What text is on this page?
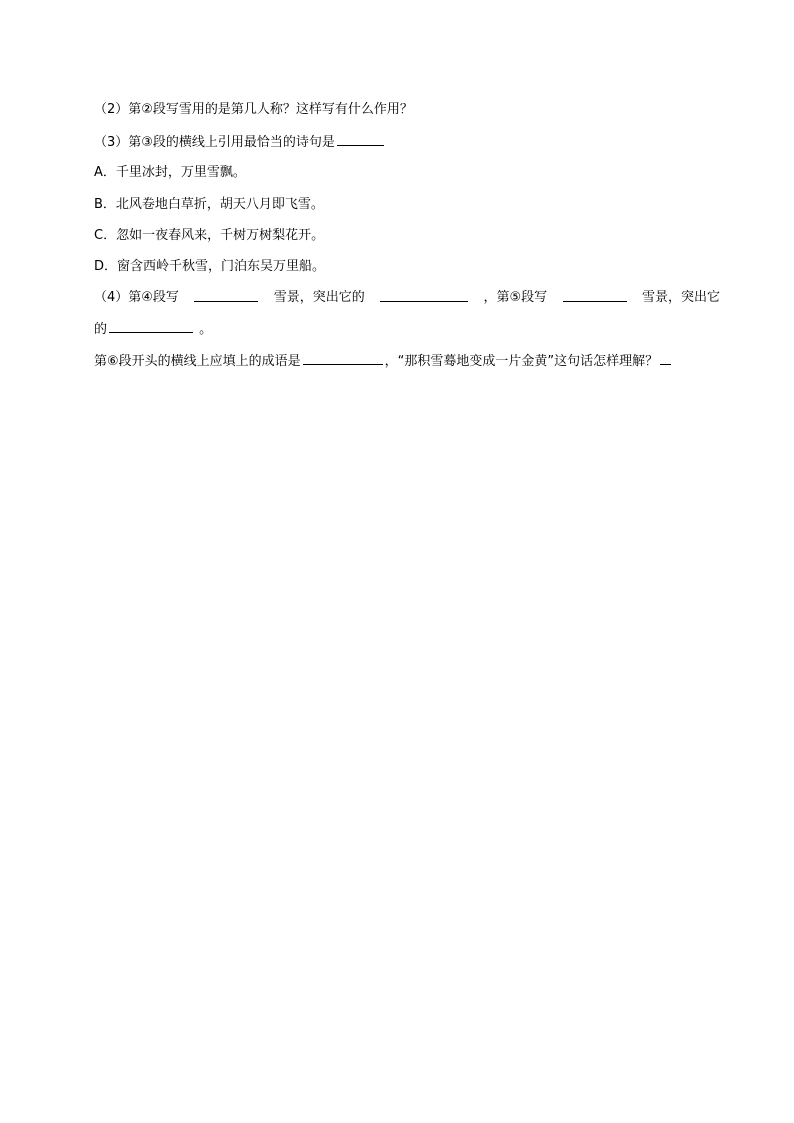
（2）第②段写雪用的是第几人称？这样写有什么作用？
（3）第③段的横线上引用最恰当的诗句是
A．千里冰封，万里雪飘。
B．北风卷地白草折，胡天八月即飞雪。
C．忽如一夜春风来，千树万树梨花开。
D．窗含西岭千秋雪，门泊东吴万里船。
（4）第④段写	雪景，突出它的	，第⑤段写	雪景，突出它
的	。
第⑥段开头的横线上应填上的成语是	，“那积雪蓦地变成一片金黄”这句话怎样理解？
